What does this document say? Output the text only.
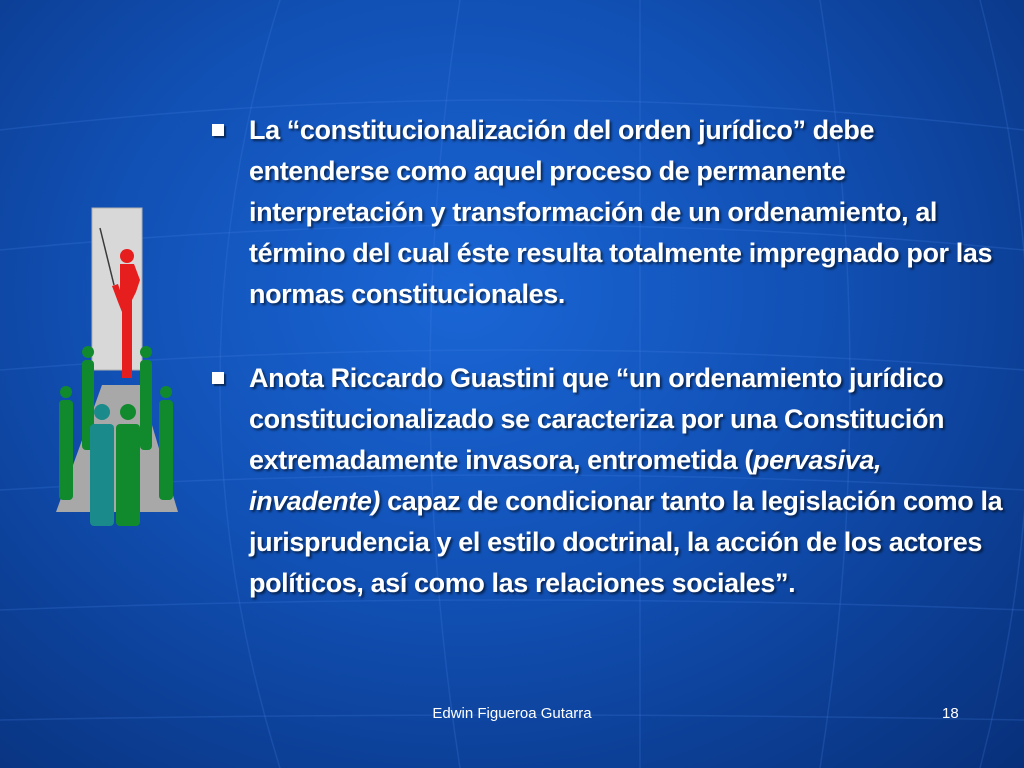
La “constitucionalización del orden jurídico” debe entenderse como aquel proceso de permanente interpretación y transformación de un ordenamiento, al término del cual éste resulta totalmente impregnado por las normas constitucionales.
Anota Riccardo Guastini que “un ordenamiento jurídico constitucionalizado se caracteriza por una Constitución extremadamente invasora, entrometida (pervasiva, invadente) capaz de condicionar tanto la legislación como la jurisprudencia y el estilo doctrinal, la acción de los actores políticos, así como las relaciones sociales”.
Edwin Figueroa Gutarra	18
